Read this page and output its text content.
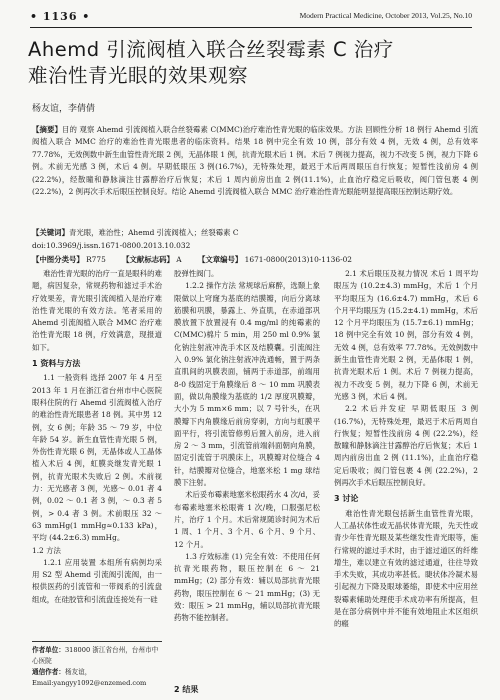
• 1136 •	Modern Practical Medicine, October 2013, Vol.25, No.10
Ahemd 引流阀植入联合丝裂霉素 C 治疗
难治性青光眼的效果观察
杨友谊，李倩倩

【摘要】目的 观察 Ahemd 引流阀植入联合丝裂霉素 C(MMC)治疗难治性青光眼的临床效果。方法 回顾性分析 18 例行 Ahemd 引流阀植入联合 MMC 治疗的难治性青光眼患者的临床资料。结果 18 例中完全有效 10 例，部分有效 4 例，无效 4 例，总有效率 77.78%，无效例数中新生血管性青光眼 2 例，无晶体眼 1 例，抗青光眼术后 1 例。术后 7 例视力提高，视力不改变 5 例，视力下降 6 例。术前无光感 3 例，术后 4 例。早期低眼压 3 例(16.7%)，无特殊处理，最迟于术后两周眼压自行恢复；短暂性浅前房 4 例(22.2%)，经散瞳和静脉滴注甘露醇治疗后恢复；术后 1 周内前房出血 2 例(11.1%)，止血治疗稳定后吸收，阀门管包裹 4 例(22.2%)，2 例再次手术后眼压控制良好。结论 Ahemd 引流阀植入联合 MMC 治疗难治性青光眼能明显提高眼压控制达期疗效。

【关键词】青光眼，难治性；Ahemd 引流阀植入；丝裂霉素 C
doi:10.3969/j.issn.1671-0800.2013.10.032
【中图分类号】 R775 【文献标志码】 A 【文章编号】 1671-0800(2013)10-1136-02

难治性青光眼的治疗一直是眼科的难题，病因复杂，常规药物和滤过手术治疗效果差，青光眼引流阀植入是治疗难治性青光眼的有效方法。笔者采用的 Ahemd 引流阀植入联合 MMC 治疗难治性青光眼 18 例，疗效满意，现报道如下。

1 资料与方法

1.1 一般资料 选择 2007 年 4 月至 2013 年 1 月在浙江省台州市中心医院眼科住院的行 Ahemd 引流阀植入治疗的难治性青光眼患者 18 例。其中男 12 例，女 6 例；年龄 35 ～ 79 岁，中位年龄 54 岁。新生血管性青光眼 5 例，外伤性青光眼 6 例，无晶体或人工晶体植入术后 4 例，虹膜炎继发青光眼 1 例，抗青光眼术失败后 2 例。术前视力：无光感者 3 例，光感～ 0.01 者 4 例，0.02 ～ 0.1 者 3 例，～ 0.3 者 5 例，> 0.4 者 3 例。术前眼压 32 ～ 63 mmHg(1 mmHg≈0.133 kPa)，平均 (44.2±6.3) mmHg。

1.2 方法

1.2.1 应用装置 本组所有病例均采用 S2 型 Ahemd 引流阀引流阀，由一根供医药的引流管和一带阀系的引流盘组成，在硅胶管和引流盘连接处有一硅

作者单位：318000 浙江省台州，台州市中心医院
通信作者：杨友谊，Email:yangyy1092@enzemed.com

胶弹性阀门。

1.2.2 操作方法 常规球后麻醉，选颞上象限做以上穹窿为基底的结膜瓣，向后分离球筋膜和巩膜，暴露上、外直肌，在赤道部巩膜放置下放置浸有 0.4 mg/ml 的纯霉素的 C(MMC)棉片 5 min，用 250 ml 0.9% 氯化钠注射液冲洗手术区及结膜囊。引流阀注入 0.9% 氯化钠注射液冲洗通畅，置于两条直肌间的巩膜表面，铺两于赤道部，前端用 8-0 线固定于角膜缘后 8 ～ 10 mm 巩膜表面，做以角膜缘为基底的 1/2 厚度巩膜瓣，大小为 5 mm×6 mm；以 7 号针头，在巩膜瓣下内角膜缘后前房穿刺，方向与虹膜平面平行，将引流管修剪后置入前房，进入前房 2 ～ 3 mm，引流管前端斜面朝向角膜，固定引流管于巩膜床上，巩膜瓣对位缝合 4 针，结膜瓣对位缝合，地塞米松 1 mg 球结膜下注射。

术后妥布霉素地塞米松眼药水 4 次/d，妥布霉素地塞米松眼膏 1 次/晚，口服强尼松片，治疗 1 个月。术后常规随诊时间为术后 1 周、1 个月、3 个月、6 个月、9 个月、12 个月。

1.3 疗效标准 (1) 完全有效：不使用任何抗青光眼药物，眼压控制在 6 ～ 21 mmHg；(2) 部分有效：辅以局部抗青光眼药物，眼压控制在 6 ～ 21 mmHg；(3) 无效：眼压 > 21 mmHg，辅以局部抗青光眼药物不能控制者。

2 结果

2.1 术后眼压及视力情况 术后 1 周平均眼压为 (10.2±4.3) mmHg，术后 1 个月平均眼压为 (16.6±4.7) mmHg，术后 6 个月平均眼压为 (15.2±4.1) mmHg，术后 12 个月平均眼压为 (15.7±6.1) mmHg；18 例中完全有效 10 例，部分有效 4 例，无效 4 例，总有效率 77.78%。无效例数中新生血管性青光眼 2 例，无晶体眼 1 例，抗青光眼术后 1 例。术后 7 例视力提高，视力不改变 5 例，视力下降 6 例，术前无光感 3 例，术后 4 例。

2.2 术后并发症 早期低眼压 3 例 (16.7%)，无特殊处理，最迟于术后两周自行恢复；短暂性浅前房 4 例 (22.2%)，经散瞳和静脉滴注甘露醇治疗后恢复；术后 1 周内前房出血 2 例 (11.1%)，止血治疗稳定后吸收；阀门管包裹 4 例 (22.2%)，2 例再次手术后眼压控制良好。

3 讨论

难治性青光眼包括新生血管性青光眼，人工晶状体性或无晶状体青光眼，先天性或青少年性青光眼及某些继发性青光眼等，施行常规的滤过手术时，由于滤过道区的纤维增生，难以建立有效的滤过通道，往往导致手术失败，其成功率甚低。睫状体冷凝术易引起视力下降及眼球萎缩，即使术中应用丝裂霉素辅助处理使手术成功率有所提高，但是在部分病例中并不能有效地阻止术区组织的瘢
